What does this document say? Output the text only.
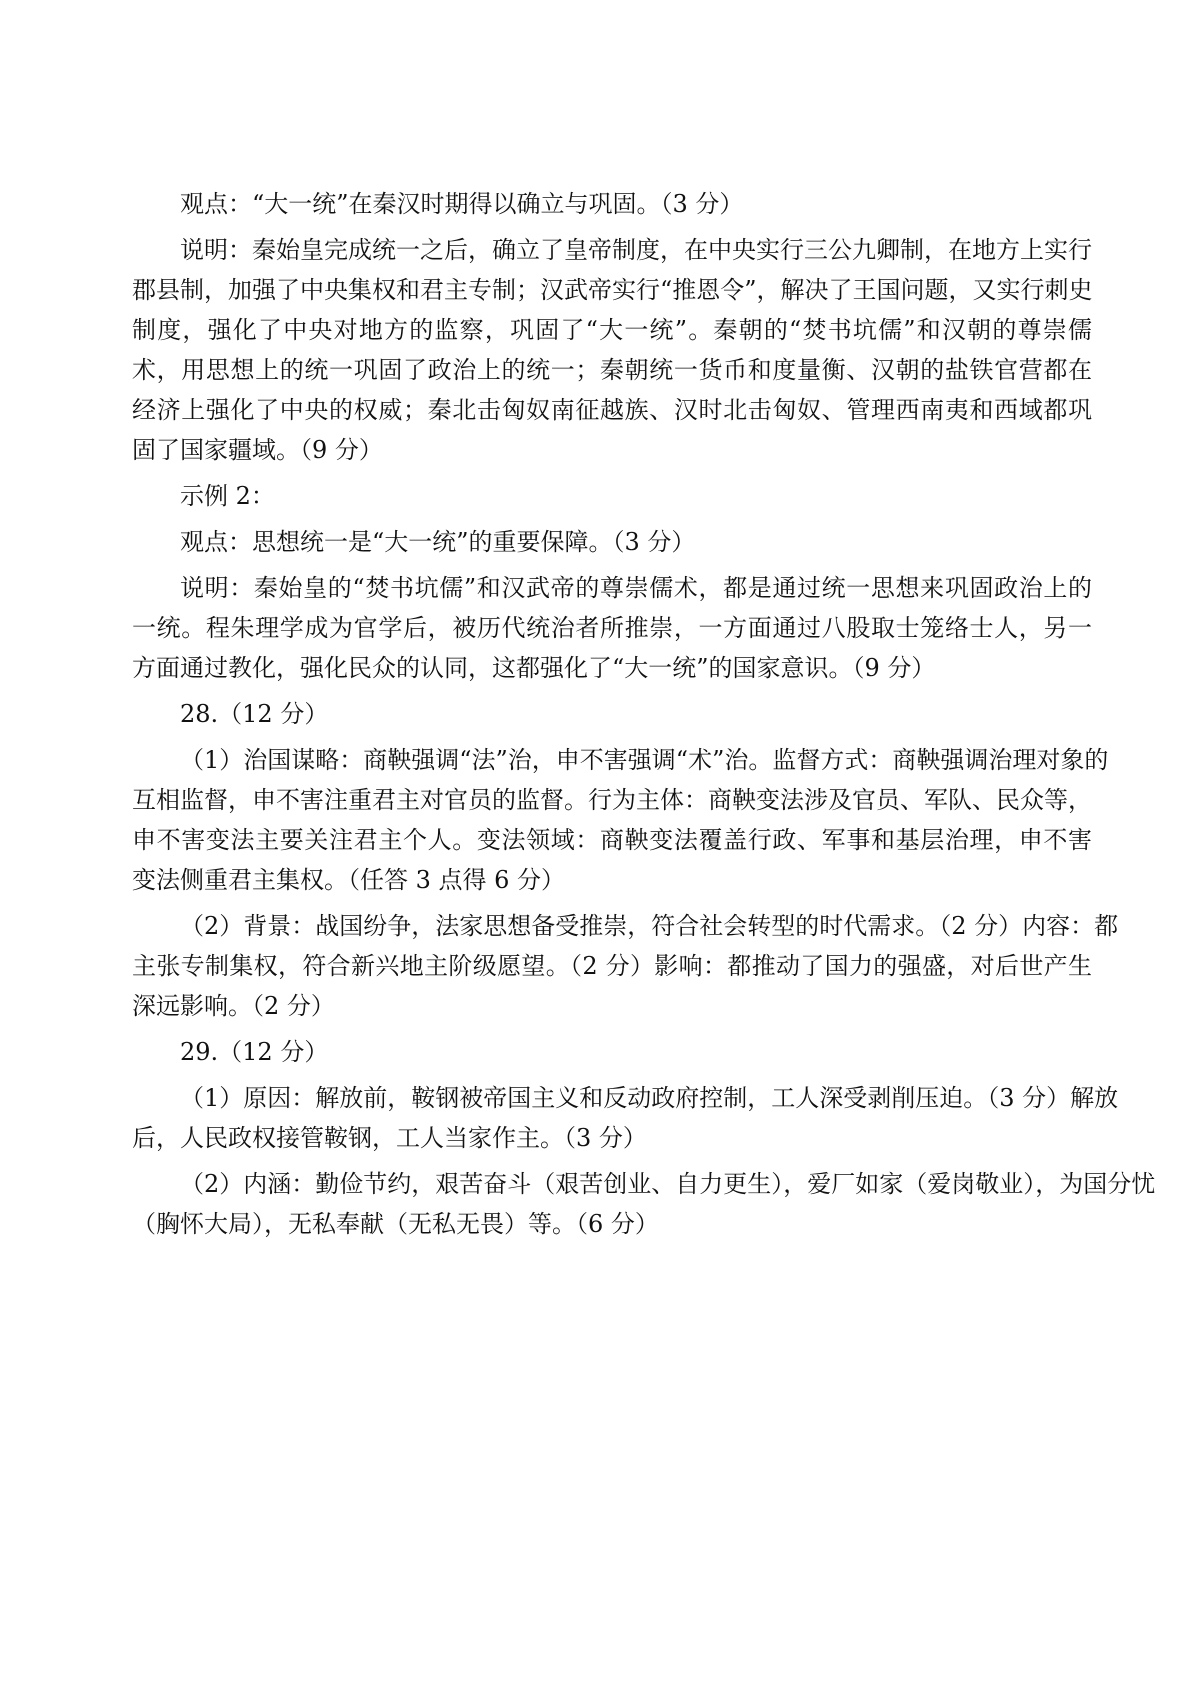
观点：“大一统”在秦汉时期得以确立与巩固。（3 分）
说明：秦始皇完成统一之后，确立了皇帝制度，在中央实行三公九卿制，在地方上实行
郡县制，加强了中央集权和君主专制；汉武帝实行“推恩令”，解决了王国问题，又实行刺史
制度，强化了中央对地方的监察，巩固了“大一统”。秦朝的“焚书坑儒”和汉朝的尊崇儒
术，用思想上的统一巩固了政治上的统一；秦朝统一货币和度量衡、汉朝的盐铁官营都在
经济上强化了中央的权威；秦北击匈奴南征越族、汉时北击匈奴、管理西南夷和西域都巩
固了国家疆域。（9 分）
示例 2：
观点：思想统一是“大一统”的重要保障。（3 分）
说明：秦始皇的“焚书坑儒”和汉武帝的尊崇儒术，都是通过统一思想来巩固政治上的
一统。程朱理学成为官学后，被历代统治者所推崇，一方面通过八股取士笼络士人，另一
方面通过教化，强化民众的认同，这都强化了“大一统”的国家意识。（9 分）
28.（12 分）
（1）治国谋略：商鞅强调“法”治，申不害强调“术”治。监督方式：商鞅强调治理对象的
互相监督，申不害注重君主对官员的监督。行为主体：商鞅变法涉及官员、军队、民众等，
申不害变法主要关注君主个人。变法领域：商鞅变法覆盖行政、军事和基层治理，申不害
变法侧重君主集权。（任答 3 点得 6 分）
（2）背景：战国纷争，法家思想备受推崇，符合社会转型的时代需求。（2 分）内容：都
主张专制集权，符合新兴地主阶级愿望。（2 分）影响：都推动了国力的强盛，对后世产生
深远影响。（2 分）
29.（12 分）
（1）原因：解放前，鞍钢被帝国主义和反动政府控制，工人深受剥削压迫。（3 分）解放
后，人民政权接管鞍钢，工人当家作主。（3 分）
（2）内涵：勤俭节约，艰苦奋斗（艰苦创业、自力更生），爱厂如家（爱岗敬业），为国分忧
（胸怀大局），无私奉献（无私无畏）等。（6 分）
